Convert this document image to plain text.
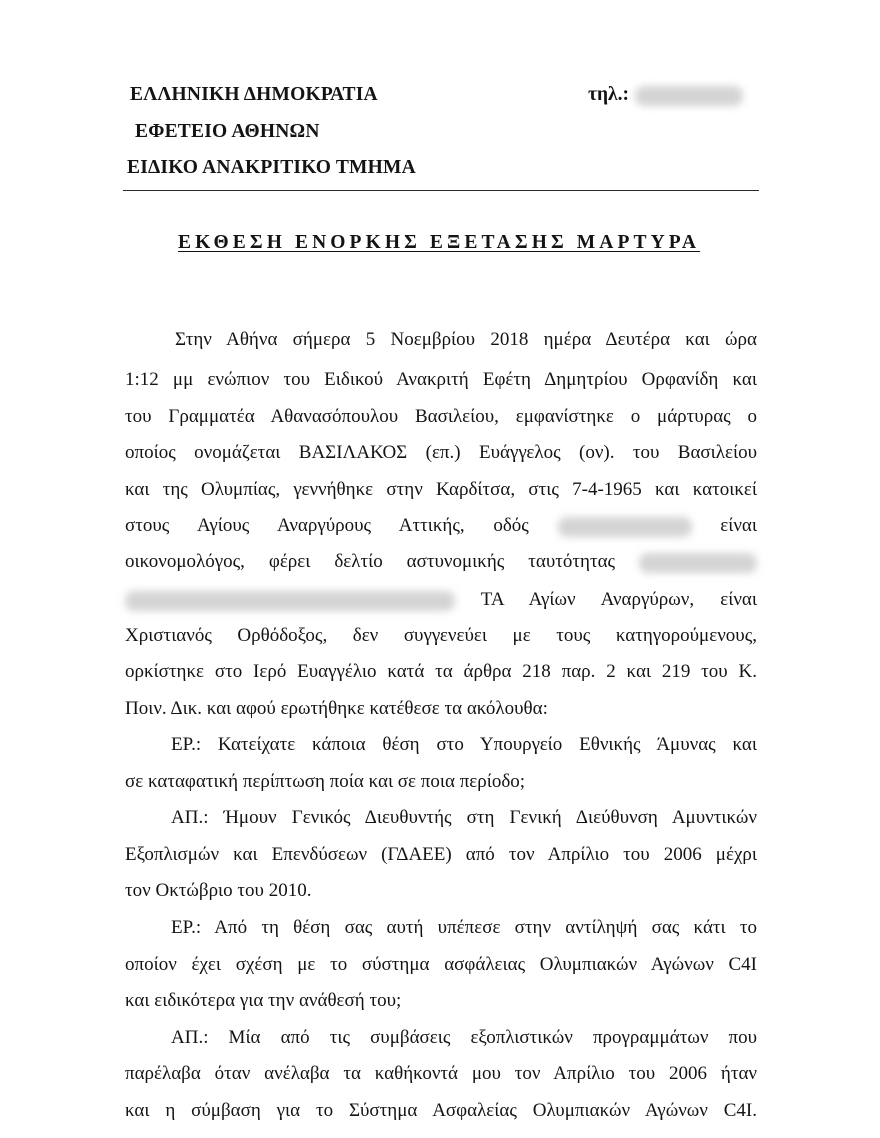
ΕΛΛΗΝΙΚΗ ΔΗΜΟΚΡΑΤΙΑ
ΕΦΕΤΕΙΟ ΑΘΗΝΩΝ
ΕΙΔΙΚΟ ΑΝΑΚΡΙΤΙΚΟ ΤΜΗΜΑ
τηλ.:
ΕΚΘΕΣΗ ΕΝΟΡΚΗΣ ΕΞΕΤΑΣΗΣ ΜΑΡΤΥΡΑ
Στην Αθήνα σήμερα 5 Νοεμβρίου 2018 ημέρα Δευτέρα και ώρα
1:12 μμ ενώπιον του Ειδικού Ανακριτή Εφέτη Δημητρίου Ορφανίδη και
του Γραμματέα Αθανασόπουλου Βασιλείου, εμφανίστηκε ο μάρτυρας ο
οποίος ονομάζεται ΒΑΣΙΛΑΚΟΣ (επ.) Ευάγγελος (ον). του Βασιλείου
και της Ολυμπίας, γεννήθηκε στην Καρδίτσα, στις 7-4-1965 και κατοικεί
στους Αγίους Αναργύρους Αττικής, οδός	είναι
οικονομολόγος, φέρει δελτίο αστυνομικής ταυτότητας
ΤΑ Αγίων Αναργύρων, είναι
Χριστιανός Ορθόδοξος, δεν συγγενεύει με τους κατηγορούμενους,
ορκίστηκε στο Ιερό Ευαγγέλιο κατά τα άρθρα 218 παρ. 2 και 219 του Κ.
Ποιν. Δικ. και αφού ερωτήθηκε κατέθεσε τα ακόλουθα:
ΕΡ.: Κατείχατε κάποια θέση στο Υπουργείο Εθνικής Άμυνας και
σε καταφατική περίπτωση ποία και σε ποια περίοδο;
ΑΠ.: Ήμουν Γενικός Διευθυντής στη Γενική Διεύθυνση Αμυντικών
Εξοπλισμών και Επενδύσεων (ΓΔΑΕΕ) από τον Απρίλιο του 2006 μέχρι
τον Οκτώβριο του 2010.
ΕΡ.: Από τη θέση σας αυτή υπέπεσε στην αντίληψή σας κάτι το
οποίον έχει σχέση με το σύστημα ασφάλειας Ολυμπιακών Αγώνων C4I
και ειδικότερα για την ανάθεσή του;
ΑΠ.: Μία από τις συμβάσεις εξοπλιστικών προγραμμάτων που
παρέλαβα όταν ανέλαβα τα καθήκοντά μου τον Απρίλιο του 2006 ήταν
και η σύμβαση για το Σύστημα Ασφαλείας Ολυμπιακών Αγώνων C4I.
